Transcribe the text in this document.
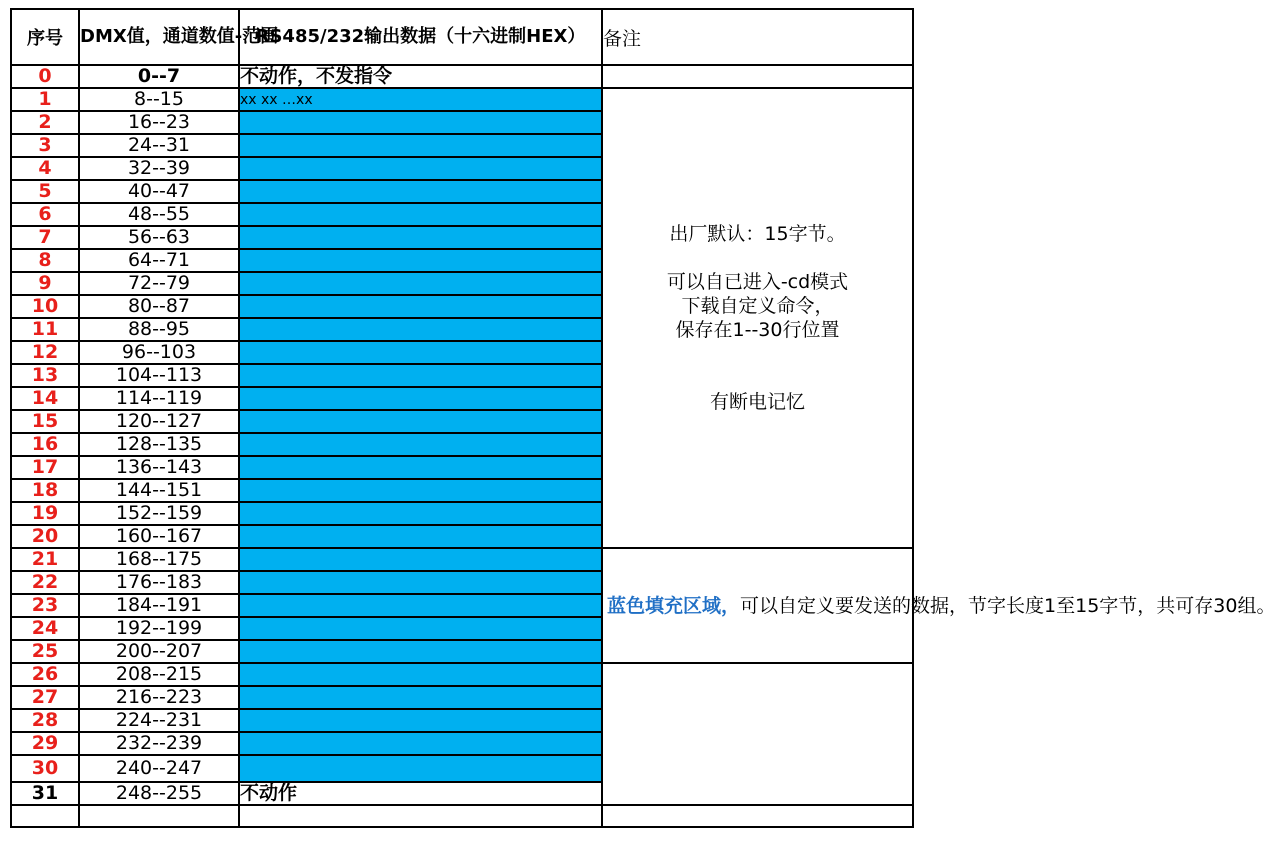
序号	DMX值，通道数值-范围	RS485/232输出数据（十六进制HEX）	备注
0	0--7	不动作，不发指令	
1	8--15	xx xx …xx	出厂默认：15字节。
可以自已进入-cd模式
下载自定义命令，
保存在1--30行位置
有断电记忆

2	16--23		
3	24--31		
4	32--39		
5	40--47		
6	48--55		
7	56--63		
8	64--71		
9	72--79		
10	80--87		
11	88--95		
12	96--103		
13	104--113		
14	114--119		
15	120--127		
16	128--135		
17	136--143		
18	144--151		
19	152--159		
20	160--167		
21	168--175		蓝色填充区域，可以自定义要发送的数据，节字长度1至15字节，共可存30组。

22	176--183		
23	184--191		
24	192--199		
25	200--207		
26	208--215		
27	216--223		
28	224--231		
29	232--239		
30	240--247		
31	248--255	不动作	
